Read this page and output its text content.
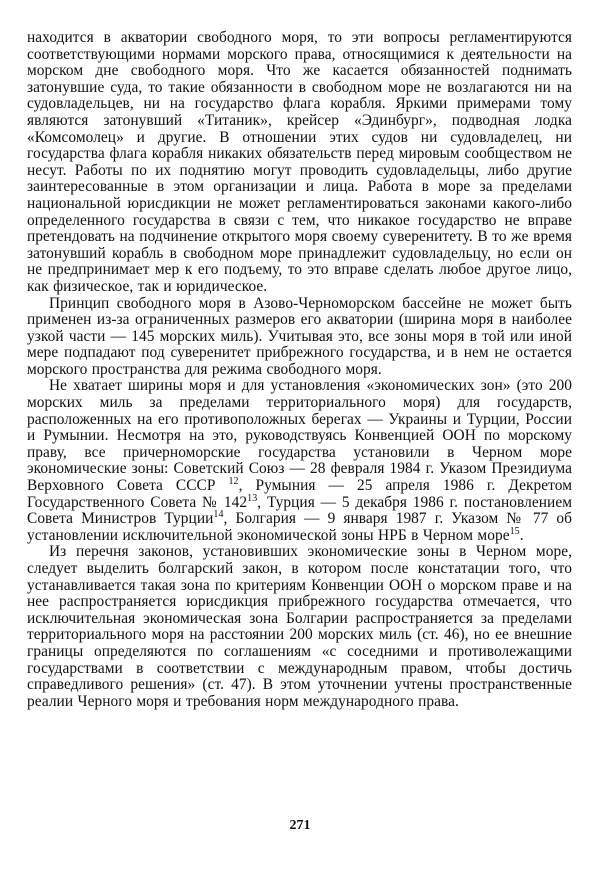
находится в акватории свободного моря, то эти вопросы регламентируются соответствующими нормами морского права, относящимися к деятельности на морском дне свободного моря. Что же касается обязанностей поднимать затонувшие суда, то такие обязанности в свободном море не возлагаются ни на судовладельцев, ни на государство флага корабля. Яркими примерами тому являются затонувший «Титаник», крейсер «Эдинбург», подводная лодка «Комсомолец» и другие. В отношении этих судов ни судовладелец, ни государства флага корабля никаких обязательств перед мировым сообществом не несут. Работы по их поднятию могут проводить судовладельцы, либо другие заинтересованные в этом организации и лица. Работа в море за пределами национальной юрисдикции не может регламентироваться законами какого-либо определенного государства в связи с тем, что никакое государство не вправе претендовать на подчинение открытого моря своему суверенитету. В то же время затонувший корабль в свободном море принадлежит судовладельцу, но если он не предпринимает мер к его подъему, то это вправе сделать любое другое лицо, как физическое, так и юридическое.

Принцип свободного моря в Азово-Черноморском бассейне не может быть применен из-за ограниченных размеров его акватории (ширина моря в наиболее узкой части — 145 морских миль). Учитывая это, все зоны моря в той или иной мере подпадают под суверенитет прибрежного государства, и в нем не остается морского пространства для режима свободного моря.

Не хватает ширины моря и для установления «экономических зон» (это 200 морских миль за пределами территориального моря) для государств, расположенных на его противоположных берегах — Украины и Турции, России и Румынии. Несмотря на это, руководствуясь Конвенцией ООН по морскому праву, все причерноморские государства установили в Черном море экономические зоны: Советский Союз — 28 февраля 1984 г. Указом Президиума Верховного Совета СССР $^{12}$, Румыния — 25 апреля 1986 г. Декретом Государственного Совета № $142^{13}$, Турция — 5 декабря 1986 г. постановлением Совета Министров Турции$^{14}$, Болгария — 9 января 1987 г. Указом № 77 об установлении исключительной экономической зоны НРБ в Черном море$^{15}$.

Из перечня законов, установивших экономические зоны в Черном море, следует выделить болгарский закон, в котором после констатации того, что устанавливается такая зона по критериям Конвенции ООН о морском праве и на нее распространяется юрисдикция прибрежного государства отмечается, что исключительная экономическая зона Болгарии распространяется за пределами территориального моря на расстоянии 200 морских миль (ст. 46), но ее внешние границы определяются по соглашениям «с соседними и противолежащими государствами в соответствии с международным правом, чтобы достичь справедливого решения» (ст. 47). В этом уточнении учтены пространственные реалии Черного моря и требования норм международного права.

271
